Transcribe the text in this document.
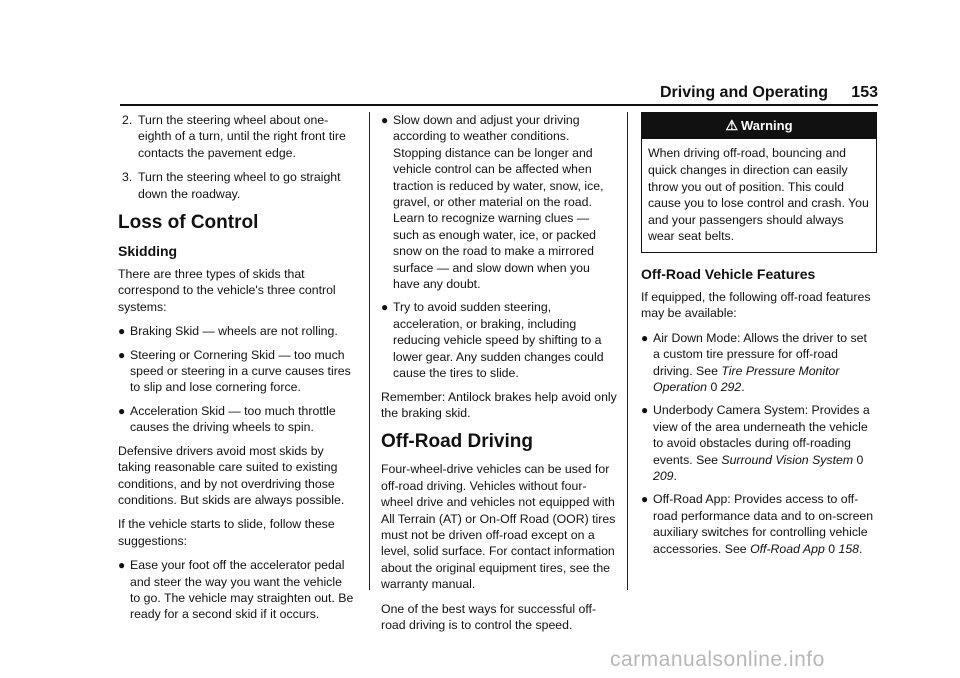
Driving and Operating	153
2. Turn the steering wheel about one-eighth of a turn, until the right front tire contacts the pavement edge.
3. Turn the steering wheel to go straight down the roadway.
Loss of Control
Skidding

There are three types of skids that correspond to the vehicle's three control systems:

● Braking Skid — wheels are not rolling.
● Steering or Cornering Skid — too much speed or steering in a curve causes tires to slip and lose cornering force.
● Acceleration Skid — too much throttle causes the driving wheels to spin.

Defensive drivers avoid most skids by taking reasonable care suited to existing conditions, and by not overdriving those conditions. But skids are always possible.

If the vehicle starts to slide, follow these suggestions:

● Ease your foot off the accelerator pedal and steer the way you want the vehicle to go. The vehicle may straighten out. Be ready for a second skid if it occurs.
● Slow down and adjust your driving according to weather conditions. Stopping distance can be longer and vehicle control can be affected when traction is reduced by water, snow, ice, gravel, or other material on the road. Learn to recognize warning clues — such as enough water, ice, or packed snow on the road to make a mirrored surface — and slow down when you have any doubt.
● Try to avoid sudden steering, acceleration, or braking, including reducing vehicle speed by shifting to a lower gear. Any sudden changes could cause the tires to slide.

Remember: Antilock brakes help avoid only the braking skid.

Off-Road Driving

Four-wheel-drive vehicles can be used for off-road driving. Vehicles without four-wheel drive and vehicles not equipped with All Terrain (AT) or On-Off Road (OOR) tires must not be driven off-road except on a level, solid surface. For contact information about the original equipment tires, see the warranty manual.

One of the best ways for successful off-road driving is to control the speed.

⚠ Warning
When driving off-road, bouncing and quick changes in direction can easily throw you out of position. This could cause you to lose control and crash. You and your passengers should always wear seat belts.
Off-Road Vehicle Features

If equipped, the following off-road features may be available:

● Air Down Mode: Allows the driver to set a custom tire pressure for off-road driving. See Tire Pressure Monitor Operation 0 292.
● Underbody Camera System: Provides a view of the area underneath the vehicle to avoid obstacles during off-roading events. See Surround Vision System 0 209.
● Off-Road App: Provides access to off-road performance data and to on-screen auxiliary switches for controlling vehicle accessories. See Off-Road App 0 158.
carmanualsonline.info
